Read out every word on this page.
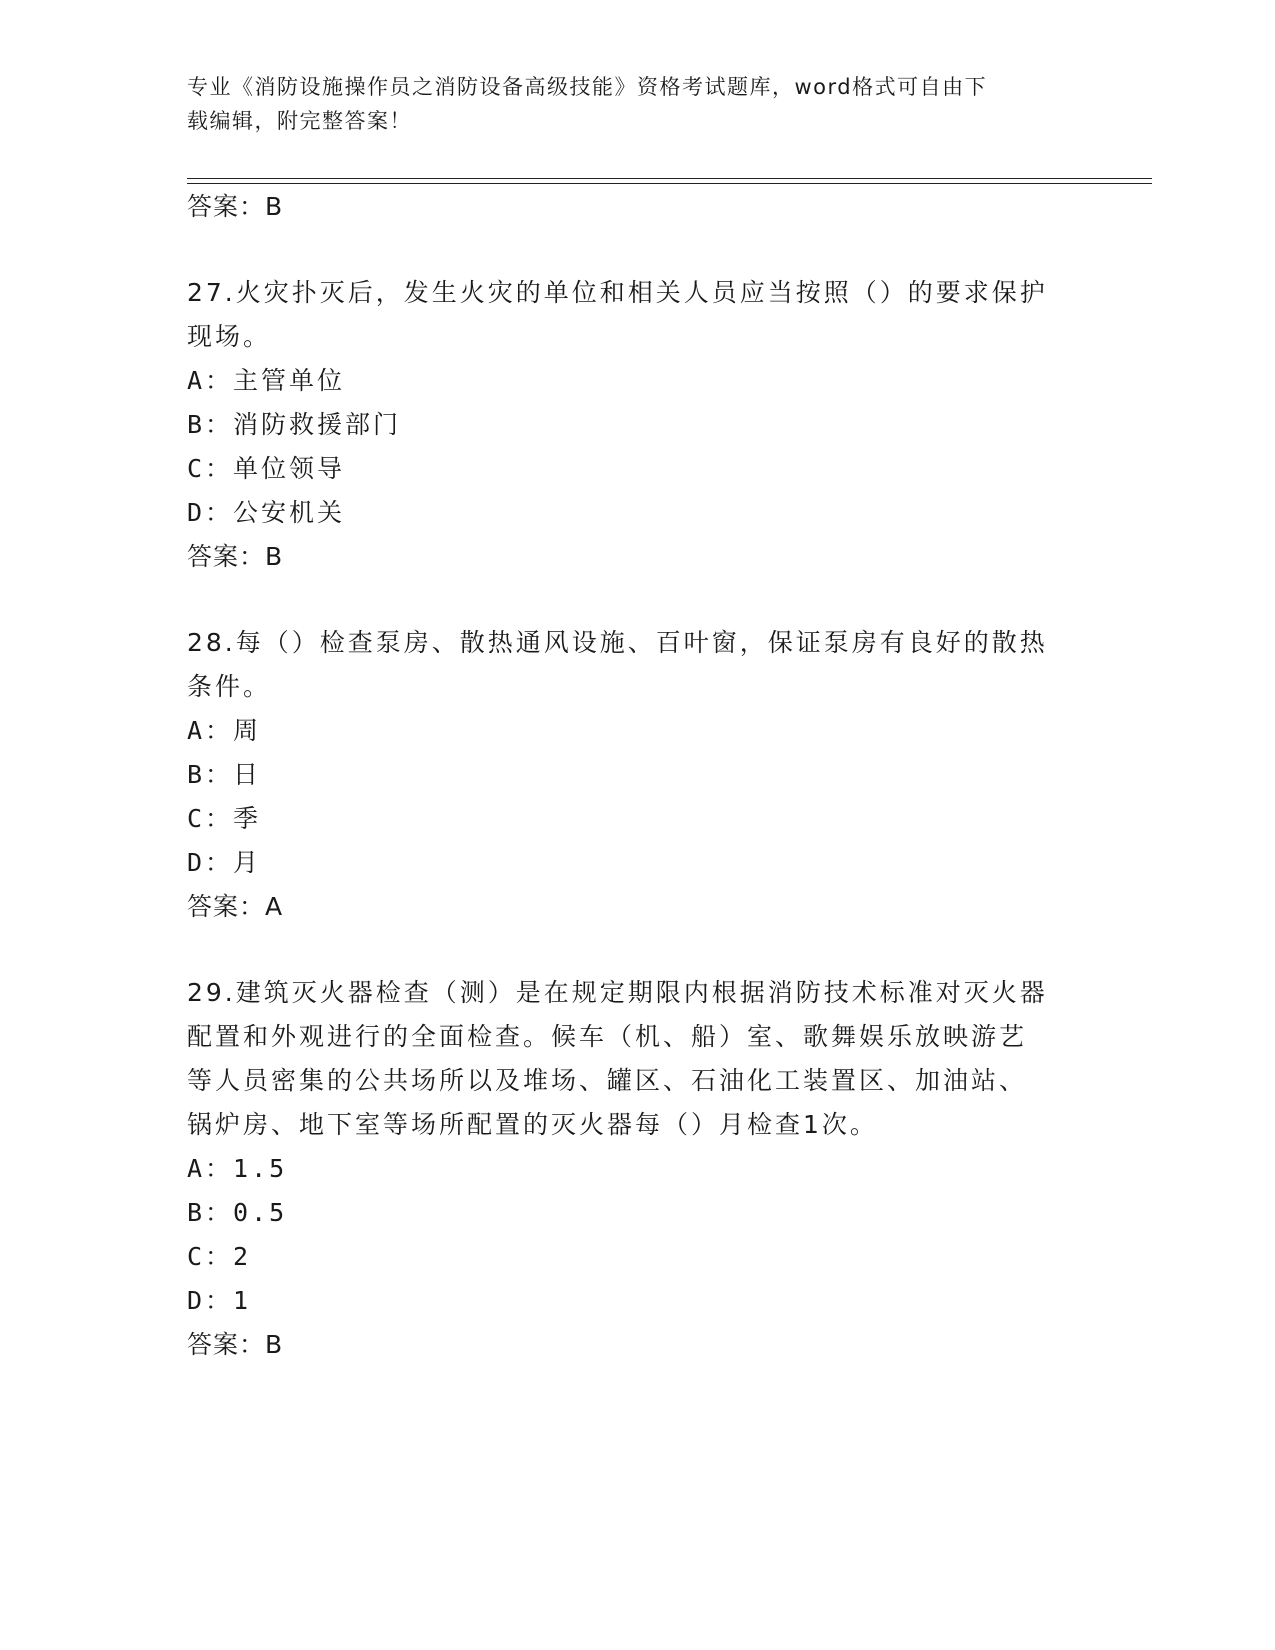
专业《消防设施操作员之消防设备高级技能》资格考试题库，word格式可自由下
载编辑，附完整答案！
答案：B
27.火灾扑灭后，发生火灾的单位和相关人员应当按照（）的要求保护
现场。
A：主管单位
B：消防救援部门
C：单位领导
D：公安机关
答案：B
28.每（）检查泵房、散热通风设施、百叶窗，保证泵房有良好的散热
条件。
A：周
B：日
C：季
D：月
答案：A
29.建筑灭火器检查（测）是在规定期限内根据消防技术标准对灭火器
配置和外观进行的全面检查。候车（机、船）室、歌舞娱乐放映游艺
等人员密集的公共场所以及堆场、罐区、石油化工装置区、加油站、
锅炉房、地下室等场所配置的灭火器每（）月检查1次。
A：1.5
B：0.5
C：2
D：1
答案：B
